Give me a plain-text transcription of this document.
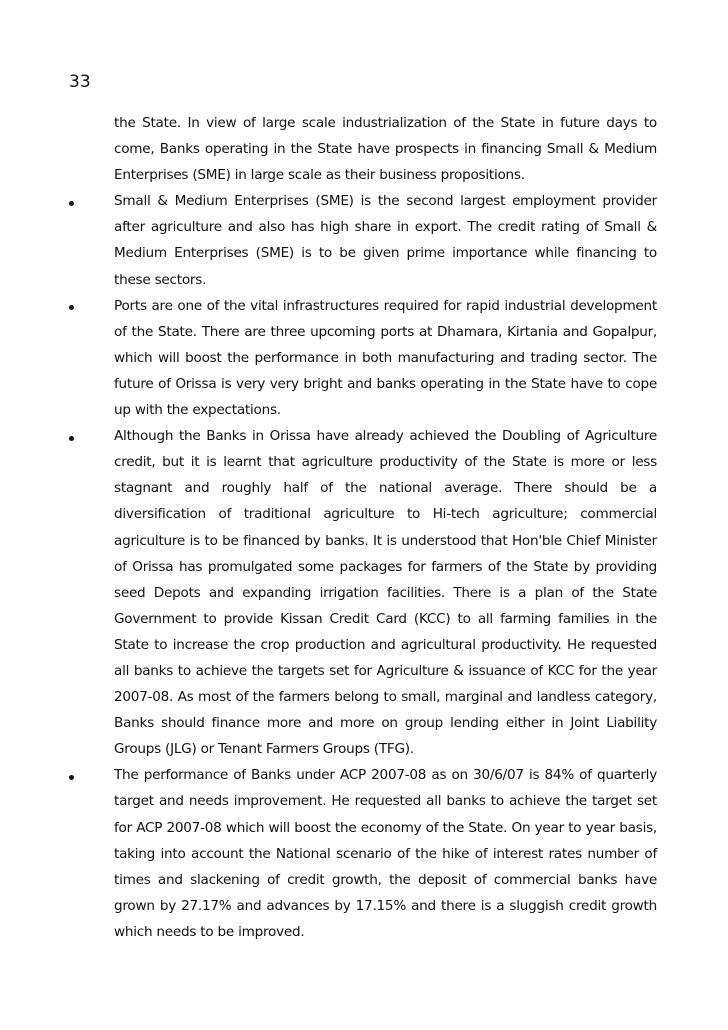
33
the State. In view of large scale industrialization of the State in future days to come, Banks operating in the State have prospects in financing Small & Medium Enterprises (SME) in large scale as their business propositions.
Small & Medium Enterprises (SME) is the second largest employment provider after agriculture and also has high share in export. The credit rating of Small & Medium Enterprises (SME) is to be given prime importance while financing to these sectors.
Ports are one of the vital infrastructures required for rapid industrial development of the State. There are three upcoming ports at Dhamara, Kirtania and Gopalpur, which will boost the performance in both manufacturing and trading sector. The future of Orissa is very very bright and banks operating in the State have to cope up with the expectations.
Although the Banks in Orissa have already achieved the Doubling of Agriculture credit, but it is learnt that agriculture productivity of the State is more or less stagnant and roughly half of the national average. There should be a diversification of traditional agriculture to Hi-tech agriculture; commercial agriculture is to be financed by banks. It is understood that Hon'ble Chief Minister of Orissa has promulgated some packages for farmers of the State by providing seed Depots and expanding irrigation facilities. There is a plan of the State Government to provide Kissan Credit Card (KCC) to all farming families in the State to increase the crop production and agricultural productivity. He requested all banks to achieve the targets set for Agriculture & issuance of KCC for the year 2007-08. As most of the farmers belong to small, marginal and landless category, Banks should finance more and more on group lending either in Joint Liability Groups (JLG) or Tenant Farmers Groups (TFG).
The performance of Banks under ACP 2007-08 as on 30/6/07 is 84% of quarterly target and needs improvement. He requested all banks to achieve the target set for ACP 2007-08 which will boost the economy of the State. On year to year basis, taking into account the National scenario of the hike of interest rates number of times and slackening of credit growth, the deposit of commercial banks have grown by 27.17% and advances by 17.15% and there is a sluggish credit growth which needs to be improved.
